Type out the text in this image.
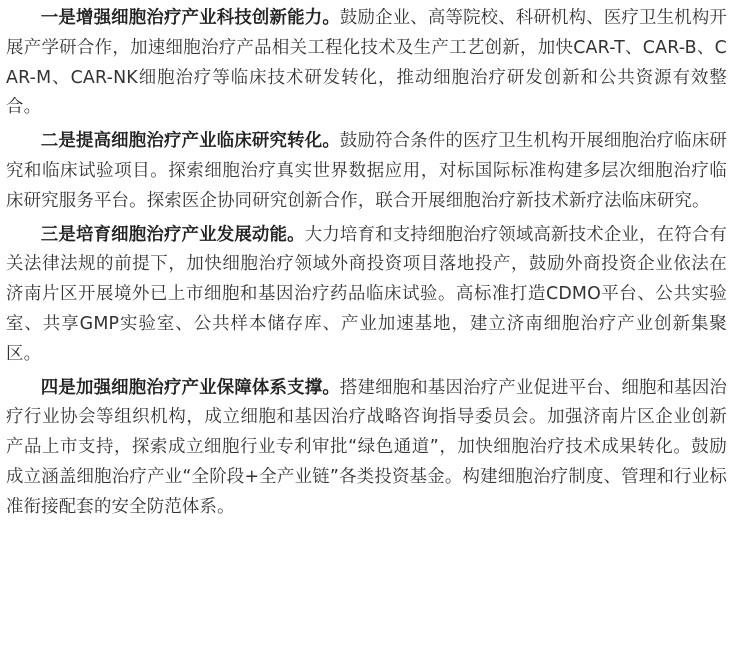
一是增强细胞治疗产业科技创新能力。鼓励企业、高等院校、科研机构、医疗卫生机构开展产学研合作，加速细胞治疗产品相关工程化技术及生产工艺创新，加快CAR-T、CAR-B、CAR-M、CAR-NK细胞治疗等临床技术研发转化，推动细胞治疗研发创新和公共资源有效整合。

二是提高细胞治疗产业临床研究转化。鼓励符合条件的医疗卫生机构开展细胞治疗临床研究和临床试验项目。探索细胞治疗真实世界数据应用，对标国际标准构建多层次细胞治疗临床研究服务平台。探索医企协同研究创新合作，联合开展细胞治疗新技术新疗法临床研究。

三是培育细胞治疗产业发展动能。大力培育和支持细胞治疗领域高新技术企业，在符合有关法律法规的前提下，加快细胞治疗领域外商投资项目落地投产，鼓励外商投资企业依法在济南片区开展境外已上市细胞和基因治疗药品临床试验。高标准打造CDMO平台、公共实验室、共享GMP实验室、公共样本储存库、产业加速基地，建立济南细胞治疗产业创新集聚区。

四是加强细胞治疗产业保障体系支撑。搭建细胞和基因治疗产业促进平台、细胞和基因治疗行业协会等组织机构，成立细胞和基因治疗战略咨询指导委员会。加强济南片区企业创新产品上市支持，探索成立细胞行业专利审批“绿色通道”，加快细胞治疗技术成果转化。鼓励成立涵盖细胞治疗产业“全阶段+全产业链”各类投资基金。构建细胞治疗制度、管理和行业标准衔接配套的安全防范体系。
